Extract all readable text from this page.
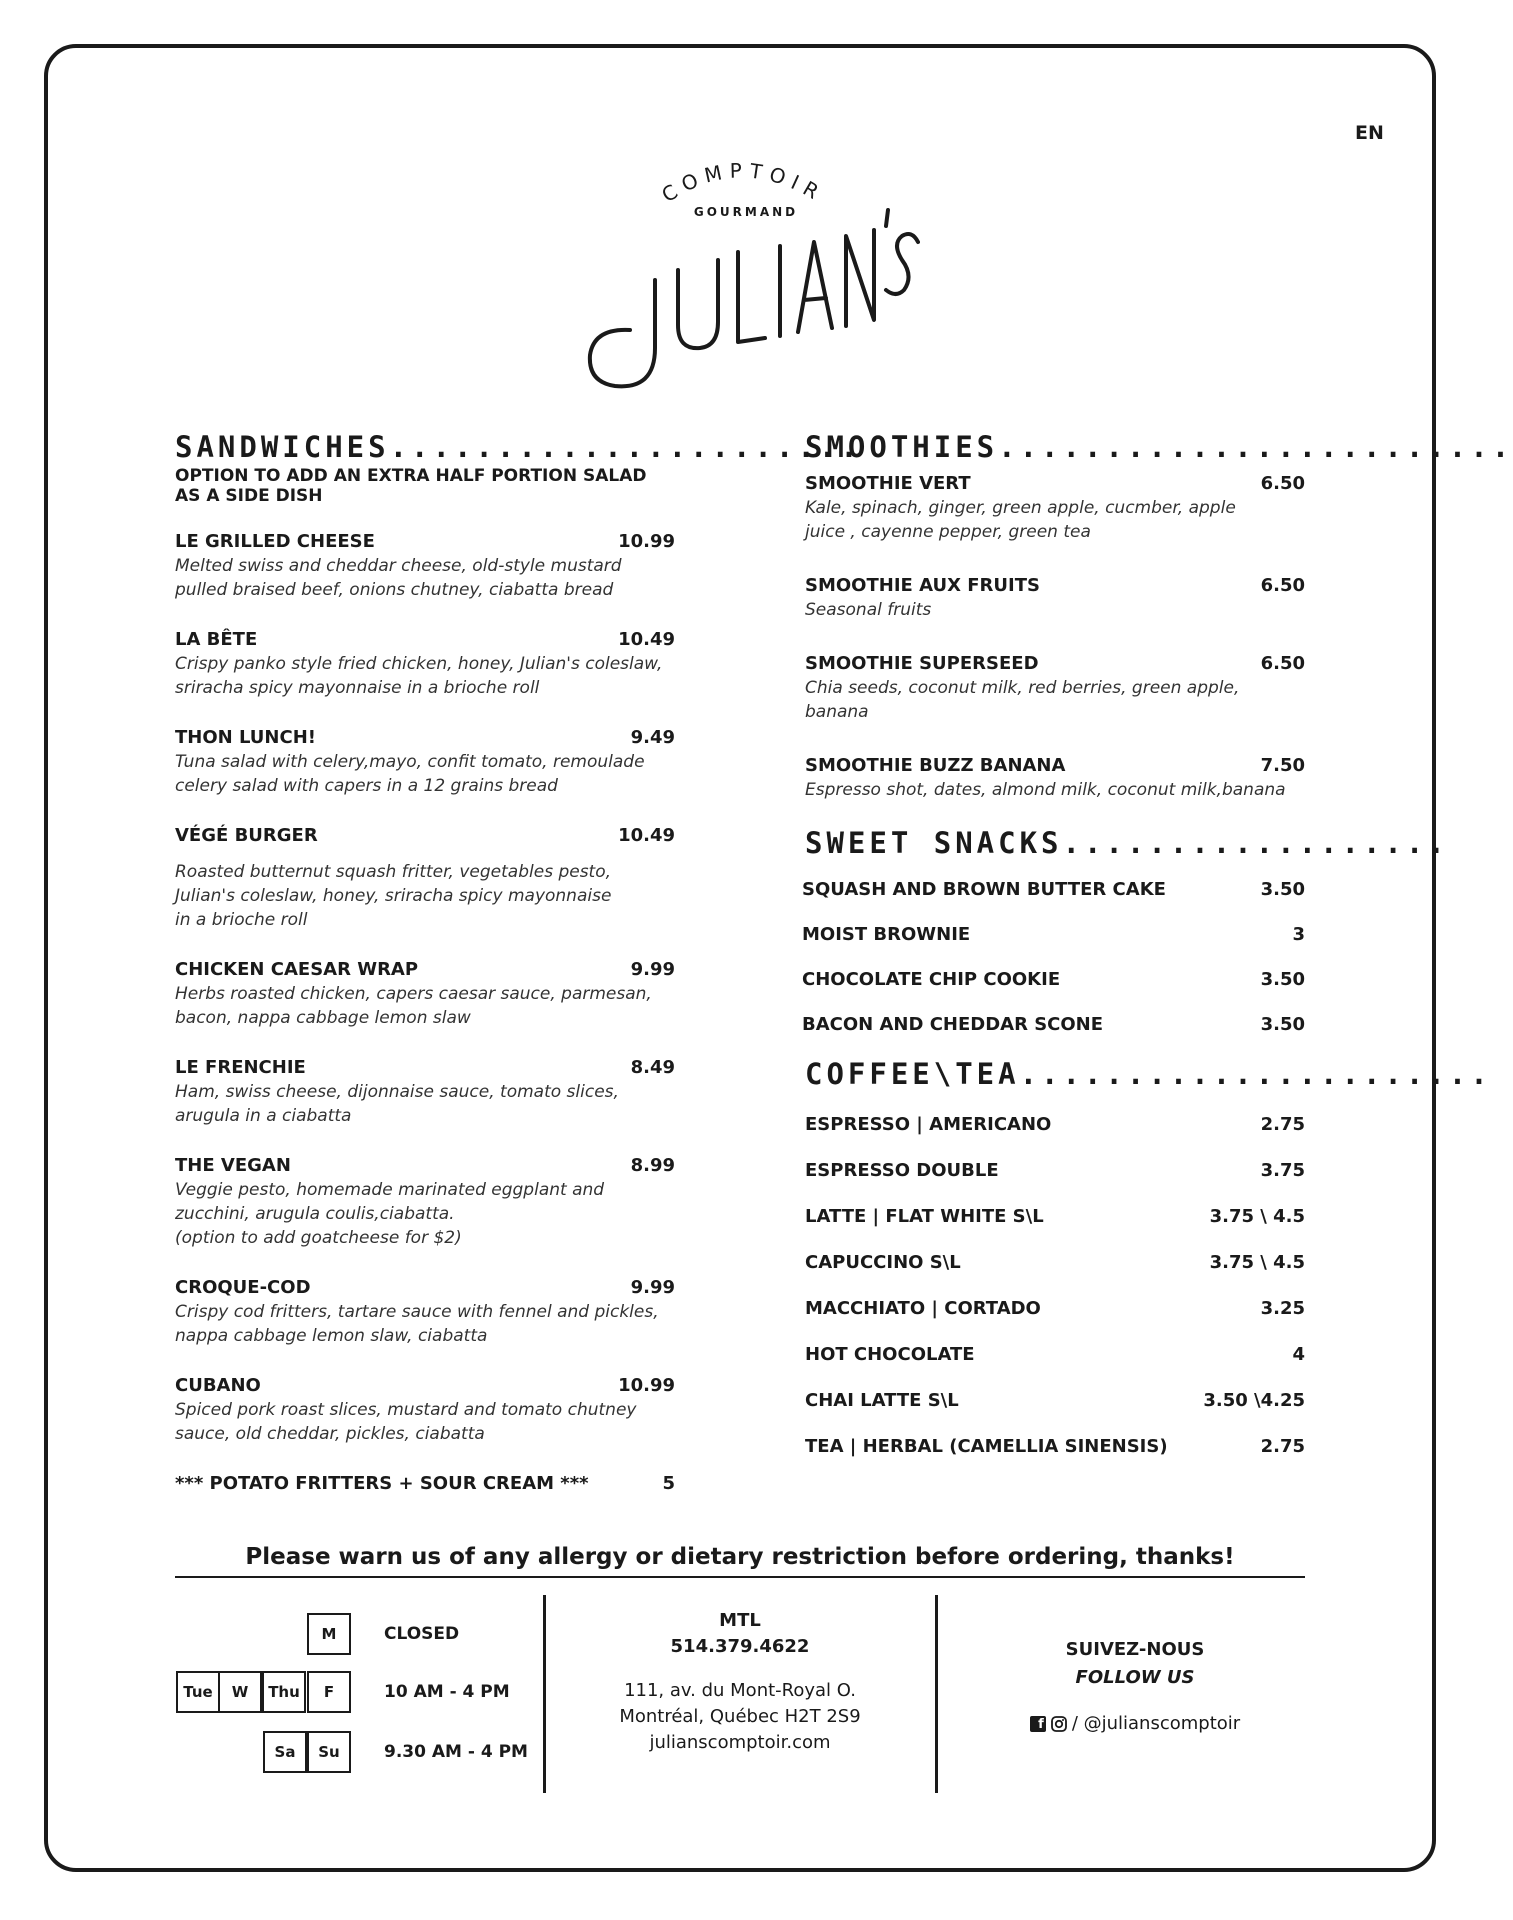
EN
COMPTOIR
GOURMAND
SANDWICHES......................
OPTION TO ADD AN EXTRA HALF PORTION SALAD AS A SIDE DISH
LE GRILLED CHEESE	10.99
Melted swiss and cheddar cheese, old-style mustard
pulled braised beef, onions chutney, ciabatta bread
LA BÊTE	10.49
Crispy panko style fried chicken, honey, Julian's coleslaw,
sriracha spicy mayonnaise in a brioche roll
THON LUNCH!	9.49
Tuna salad with celery,mayo, confit tomato, remoulade
celery salad with capers in a 12 grains bread
VÉGÉ BURGER	10.49
Roasted butternut squash fritter, vegetables pesto,
Julian's coleslaw, honey, sriracha spicy mayonnaise
in a brioche roll
CHICKEN CAESAR WRAP	9.99
Herbs roasted chicken, capers caesar sauce, parmesan,
bacon, nappa cabbage lemon slaw
LE FRENCHIE	8.49
Ham, swiss cheese, dijonnaise sauce, tomato slices,
arugula in a ciabatta
THE VEGAN	8.99
Veggie pesto, homemade marinated eggplant and
zucchini, arugula coulis,ciabatta.
(option to add goatcheese for $2)
CROQUE-COD	9.99
Crispy cod fritters, tartare sauce with fennel and pickles,
nappa cabbage lemon slaw, ciabatta
CUBANO	10.99
Spiced pork roast slices, mustard and tomato chutney
sauce, old cheddar, pickles, ciabatta
*** POTATO FRITTERS + SOUR CREAM ***	5
SMOOTHIES........................
SMOOTHIE VERT	6.50
Kale, spinach, ginger, green apple, cucmber, apple
juice , cayenne pepper, green tea
SMOOTHIE AUX FRUITS	6.50
Seasonal fruits
SMOOTHIE SUPERSEED	6.50
Chia seeds, coconut milk, red berries, green apple, banana
SMOOTHIE BUZZ BANANA	7.50
Espresso shot, dates, almond milk, coconut milk,banana
SWEET SNACKS..................
SQUASH AND BROWN BUTTER CAKE	3.50
MOIST BROWNIE	3
CHOCOLATE CHIP COOKIE	3.50
BACON AND CHEDDAR SCONE	3.50
COFFEE\TEA......................
ESPRESSO | AMERICANO	2.75
ESPRESSO DOUBLE	3.75
LATTE | FLAT WHITE S\L	3.75 \ 4.5
CAPUCCINO S\L	3.75 \ 4.5
MACCHIATO | CORTADO	3.25
HOT CHOCOLATE	4
CHAI LATTE S\L	3.50 \4.25
TEA | HERBAL (CAMELLIA SINENSIS)	2.75
Please warn us of any allergy or dietary restriction before ordering, thanks!
M	CLOSED
Tue	W	Thu	F	10 AM - 4 PM
Sa	Su	9.30 AM - 4 PM
MTL
514.379.4622
111, av. du Mont-Royal O.
Montréal, Québec H2T 2S9
julianscomptoir.com
SUIVEZ-NOUS
FOLLOW US
f / @julianscomptoir
